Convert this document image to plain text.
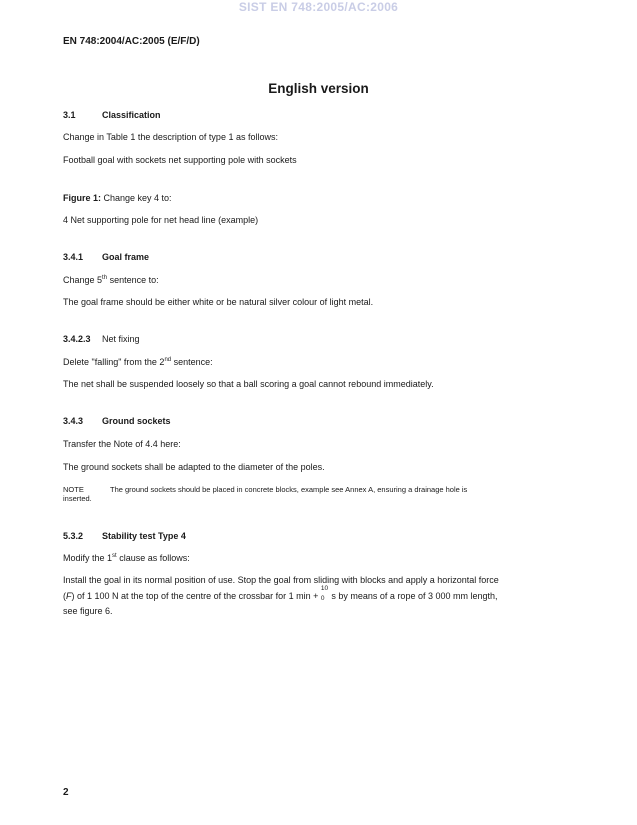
SIST EN 748:2005/AC:2006
EN 748:2004/AC:2005 (E/F/D)
English version
3.1	Classification
Change in Table 1 the description of type 1 as follows:
Football goal with sockets net supporting pole with sockets
Figure 1: Change key 4 to:
4 Net supporting pole for net head line (example)
3.4.1 Goal frame
Change 5th sentence to:
The goal frame should be either white or be natural silver colour of light metal.
3.4.2.3 Net fixing
Delete "falling" from the 2nd sentence:
The net shall be suspended loosely so that a ball scoring a goal cannot rebound immediately.
3.4.3 Ground sockets
Transfer the Note of 4.4 here:
The ground sockets shall be adapted to the diameter of the poles.
NOTE	The ground sockets should be placed in concrete blocks, example see Annex A, ensuring a drainage hole is
inserted.
5.3.2 Stability test Type 4
Modify the 1st clause as follows:
Install the goal in its normal position of use. Stop the goal from sliding with blocks and apply a horizontal force
(F) of 1 100 N at the top of the centre of the crossbar for 1 min +
10
0 s by means of a rope of 3 000 mm length,
see figure 6.
2
